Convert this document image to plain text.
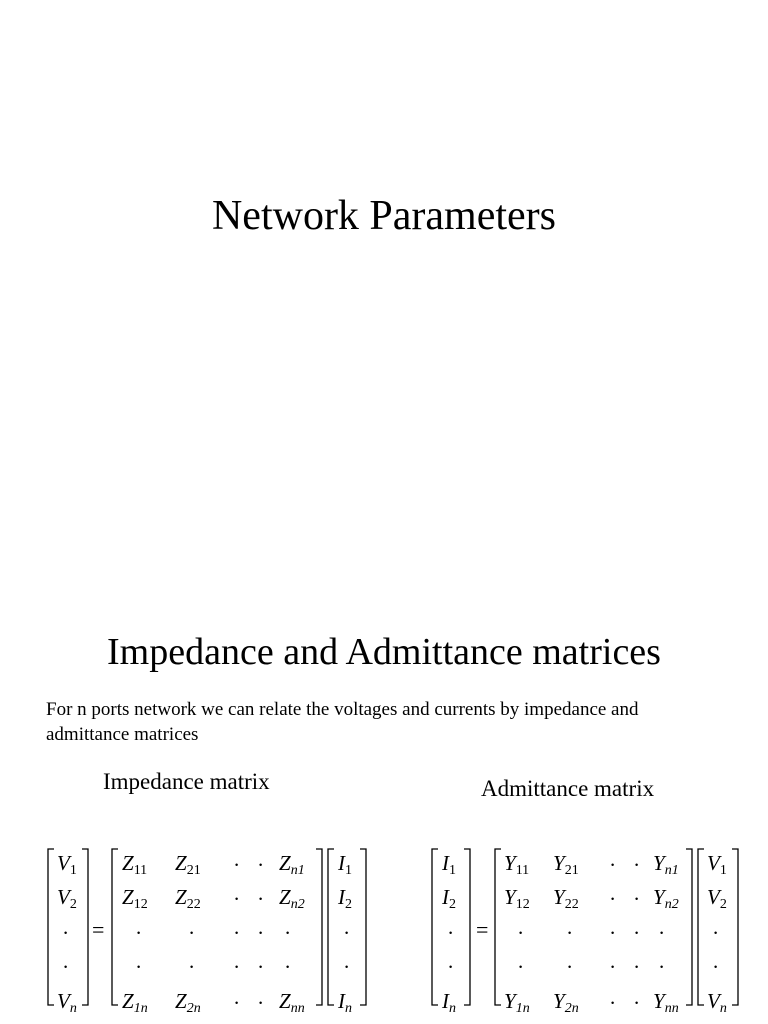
Network Parameters
Impedance and Admittance matrices
For n ports network we can relate the voltages and currents by impedance and admittance matrices
Impedance matrix	Admittance matrix
$V_1$
$V_2$
.
.
$V_n$
=
$Z_{11}$ $Z_{21}$ . . $Z_{n1}$
$Z_{12}$ $Z_{22}$ . . $Z_{n2}$
. . . . .
. . . . .
$Z_{1n}$ $Z_{2n}$ . . $Z_{nn}$
$I_1$
$I_2$
.
.
$I_n$
$I_1$
$I_2$
.
.
$I_n$
=
$Y_{11}$ $Y_{21}$ . . $Y_{n1}$
$Y_{12}$ $Y_{22}$ . . $Y_{n2}$
. . . . .
. . . . .
$Y_{1n}$ $Y_{2n}$ . . $Y_{nn}$
$V_1$
$V_2$
.
.
$V_n$
